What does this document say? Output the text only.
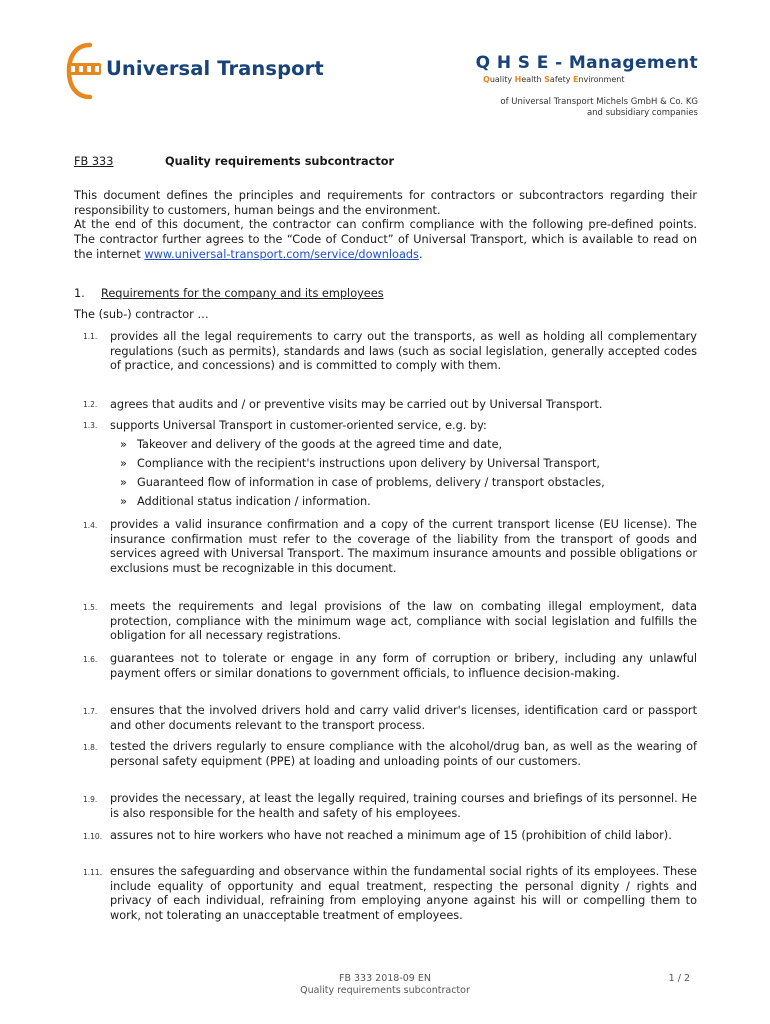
Universal Transport	Q H S E - Management
Quality Health Safety Environment
of Universal Transport Michels GmbH & Co. KG
and subsidiary companies
FB 333	Quality requirements subcontractor

This document defines the principles and requirements for contractors or subcontractors regarding their responsibility to customers, human beings and the environment.

At the end of this document, the contractor can confirm compliance with the following pre-defined points. The contractor further agrees to the “Code of Conduct” of Universal Transport, which is available to read on the internet www.universal-transport.com/service/downloads.

1. Requirements for the company and its employees
The (sub-) contractor …
1.1. provides all the legal requirements to carry out the transports, as well as holding all complementary regulations (such as permits), standards and laws (such as social legislation, generally accepted codes of practice, and concessions) and is committed to comply with them.
1.2. agrees that audits and / or preventive visits may be carried out by Universal Transport.
1.3. supports Universal Transport in customer-oriented service, e.g. by:
» Takeover and delivery of the goods at the agreed time and date,
» Compliance with the recipient's instructions upon delivery by Universal Transport,
» Guaranteed flow of information in case of problems, delivery / transport obstacles,
» Additional status indication / information.
1.4. provides a valid insurance confirmation and a copy of the current transport license (EU license). The insurance confirmation must refer to the coverage of the liability from the transport of goods and services agreed with Universal Transport. The maximum insurance amounts and possible obligations or exclusions must be recognizable in this document.
1.5. meets the requirements and legal provisions of the law on combating illegal employment, data protection, compliance with the minimum wage act, compliance with social legislation and fulfills the obligation for all necessary registrations.
1.6. guarantees not to tolerate or engage in any form of corruption or bribery, including any unlawful payment offers or similar donations to government officials, to influence decision-making.
1.7. ensures that the involved drivers hold and carry valid driver's licenses, identification card or passport and other documents relevant to the transport process.
1.8. tested the drivers regularly to ensure compliance with the alcohol/drug ban, as well as the wearing of personal safety equipment (PPE) at loading and unloading points of our customers.
1.9. provides the necessary, at least the legally required, training courses and briefings of its personnel. He is also responsible for the health and safety of his employees.
1.10. assures not to hire workers who have not reached a minimum age of 15 (prohibition of child labor).
1.11. ensures the safeguarding and observance within the fundamental social rights of its employees. These include equality of opportunity and equal treatment, respecting the personal dignity / rights and privacy of each individual, refraining from employing anyone against his will or compelling them to work, not tolerating an unacceptable treatment of employees.
FB 333 2018-09 EN
Quality requirements subcontractor
1 / 2
